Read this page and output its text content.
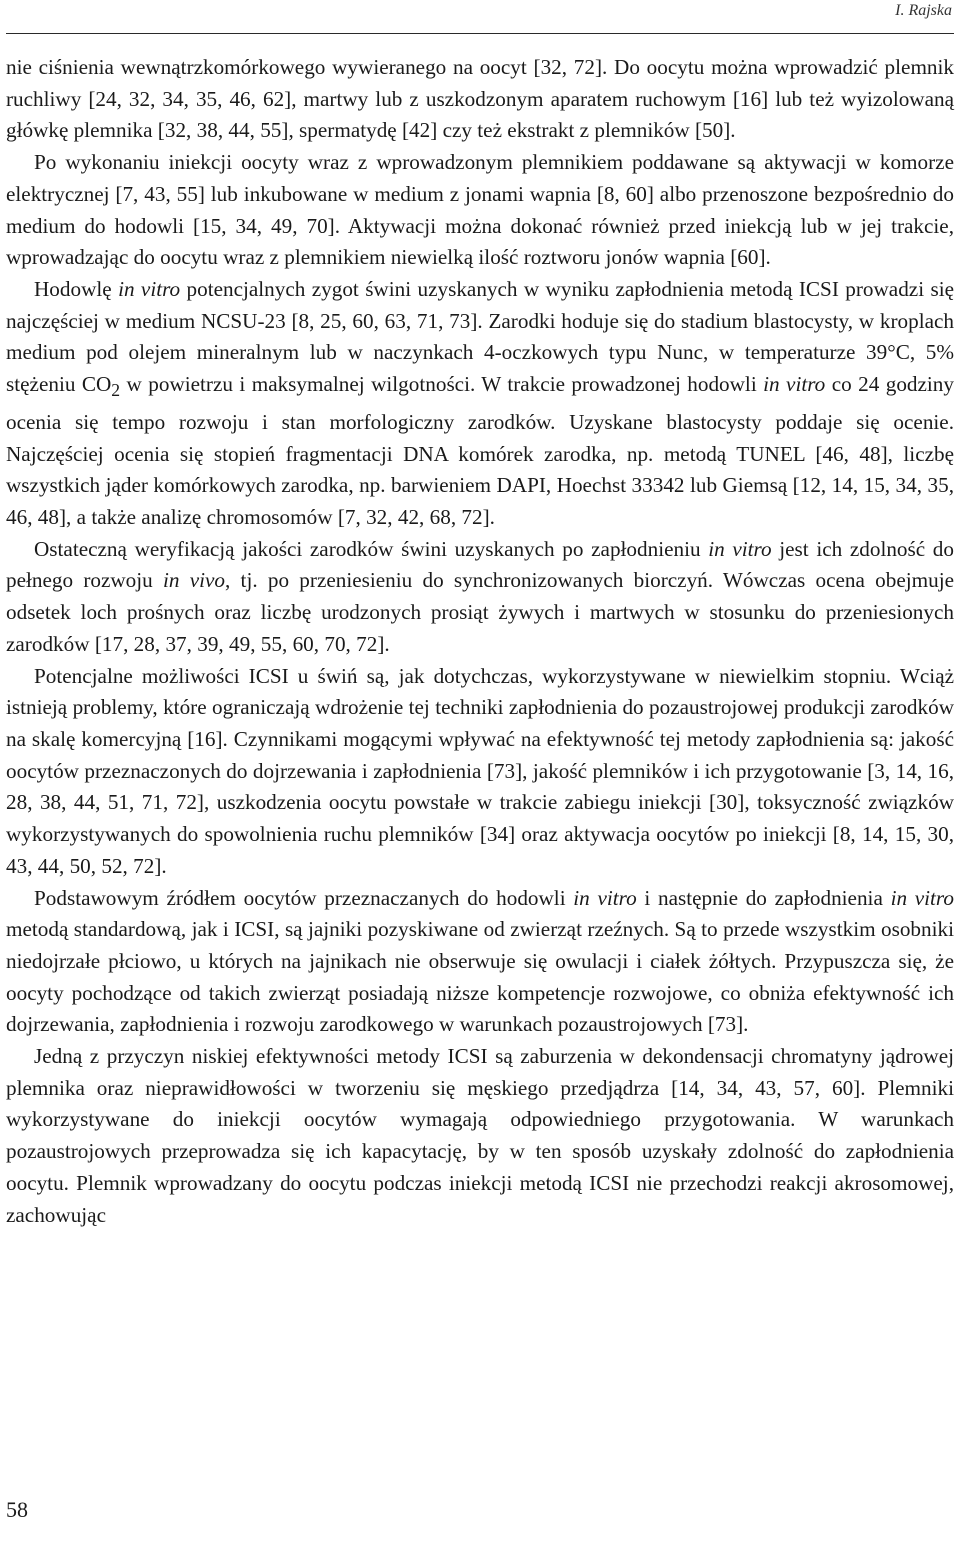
I. Rajska

nie ciśnienia wewnątrzkomórkowego wywieranego na oocyt [32, 72]. Do oocytu można wprowadzić plemnik ruchliwy [24, 32, 34, 35, 46, 62], martwy lub z uszkodzonym aparatem ruchowym [16] lub też wyizolowaną główkę plemnika [32, 38, 44, 55], spermatydę [42] czy też ekstrakt z plemników [50].

Po wykonaniu iniekcji oocyty wraz z wprowadzonym plemnikiem poddawane są aktywacji w komorze elektrycznej [7, 43, 55] lub inkubowane w medium z jonami wapnia [8, 60] albo przenoszone bezpośrednio do medium do hodowli [15, 34, 49, 70]. Aktywacji można dokonać również przed iniekcją lub w jej trakcie, wprowadzając do oocytu wraz z plemnikiem niewielką ilość roztworu jonów wapnia [60].

Hodowlę in vitro potencjalnych zygot świni uzyskanych w wyniku zapłodnienia metodą ICSI prowadzi się najczęściej w medium NCSU-23 [8, 25, 60, 63, 71, 73]. Zarodki hoduje się do stadium blastocysty, w kroplach medium pod olejem mineralnym lub w naczynkach 4-oczkowych typu Nunc, w temperaturze 39°C, 5% stężeniu $CO_2$ w powietrzu i maksymalnej wilgotności. W trakcie prowadzonej hodowli in vitro co 24 godziny ocenia się tempo rozwoju i stan morfologiczny zarodków. Uzyskane blastocysty poddaje się ocenie. Najczęściej ocenia się stopień fragmentacji DNA komórek zarodka, np. metodą TUNEL [46, 48], liczbę wszystkich jąder komórkowych zarodka, np. barwieniem DAPI, Hoechst 33342 lub Giemsą [12, 14, 15, 34, 35, 46, 48], a także analizę chromosomów [7, 32, 42, 68, 72].

Ostateczną weryfikacją jakości zarodków świni uzyskanych po zapłodnieniu in vitro jest ich zdolność do pełnego rozwoju in vivo, tj. po przeniesieniu do synchronizowanych biorczyń. Wówczas ocena obejmuje odsetek loch prośnych oraz liczbę urodzonych prosiąt żywych i martwych w stosunku do przeniesionych zarodków [17, 28, 37, 39, 49, 55, 60, 70, 72].

Potencjalne możliwości ICSI u świń są, jak dotychczas, wykorzystywane w niewielkim stopniu. Wciąż istnieją problemy, które ograniczają wdrożenie tej techniki zapłodnienia do pozaustrojowej produkcji zarodków na skalę komercyjną [16]. Czynnikami mogącymi wpływać na efektywność tej metody zapłodnienia są: jakość oocytów przeznaczonych do dojrzewania i zapłodnienia [73], jakość plemników i ich przygotowanie [3, 14, 16, 28, 38, 44, 51, 71, 72], uszkodzenia oocytu powstałe w trakcie zabiegu iniekcji [30], toksyczność związków wykorzystywanych do spowolnienia ruchu plemników [34] oraz aktywacja oocytów po iniekcji [8, 14, 15, 30, 43, 44, 50, 52, 72].

Podstawowym źródłem oocytów przeznaczanych do hodowli in vitro i następnie do zapłodnienia in vitro metodą standardową, jak i ICSI, są jajniki pozyskiwane od zwierząt rzeźnych. Są to przede wszystkim osobniki niedojrzałe płciowo, u których na jajnikach nie obserwuje się owulacji i ciałek żółtych. Przypuszcza się, że oocyty pochodzące od takich zwierząt posiadają niższe kompetencje rozwojowe, co obniża efektywność ich dojrzewania, zapłodnienia i rozwoju zarodkowego w warunkach pozaustrojowych [73].

Jedną z przyczyn niskiej efektywności metody ICSI są zaburzenia w dekondensacji chromatyny jądrowej plemnika oraz nieprawidłowości w tworzeniu się męskiego przedjądrza [14, 34, 43, 57, 60]. Plemniki wykorzystywane do iniekcji oocytów wymagają odpowiedniego przygotowania. W warunkach pozaustrojowych przeprowadza się ich kapacytację, by w ten sposób uzyskały zdolność do zapłodnienia oocytu. Plemnik wprowadzany do oocytu podczas iniekcji metodą ICSI nie przechodzi reakcji akrosomowej, zachowując

58
